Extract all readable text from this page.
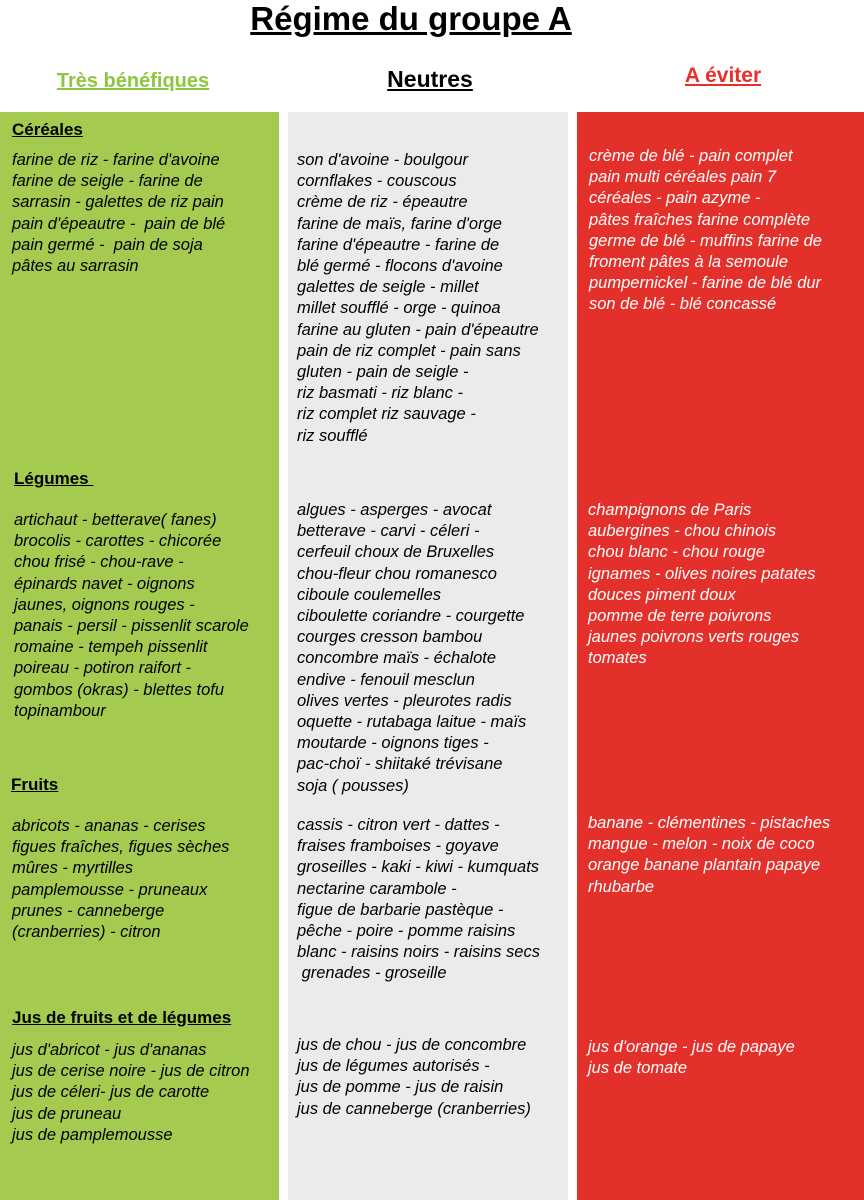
Régime du groupe A
Très bénéfiques	Neutres	A éviter
Céréales

farine de riz - farine d'avoine
farine de seigle - farine de
sarrasin - galettes de riz pain
pain d'épeautre -  pain de blé
pain germé -  pain de soja
pâtes au sarrasin

son d'avoine - boulgour
cornflakes - couscous
crème de riz - épeautre
farine de maïs, farine d'orge
farine d'épeautre - farine de
blé germé - flocons d'avoine
galettes de seigle - millet
millet soufflé - orge - quinoa
farine au gluten - pain d'épeautre
pain de riz complet - pain sans
gluten - pain de seigle -
riz basmati - riz blanc -
riz complet riz sauvage -
riz soufflé

crème de blé - pain complet
pain multi céréales pain 7
céréales - pain azyme -
pâtes fraîches farine complète
germe de blé - muffins farine de
froment pâtes à la semoule
pumpernickel - farine de blé dur
son de blé - blé concassé

Légumes

artichaut - betterave( fanes)
brocolis - carottes - chicorée
chou frisé - chou-rave -
épinards navet - oignons
jaunes, oignons rouges -
panais - persil - pissenlit scarole
romaine - tempeh pissenlit
poireau - potiron raifort -
gombos (okras) - blettes tofu
topinambour

algues - asperges - avocat
betterave - carvi - céleri -
cerfeuil choux de Bruxelles
chou-fleur chou romanesco
ciboule coulemelles
ciboulette coriandre - courgette
courges cresson bambou
concombre maïs - échalote
endive - fenouil mesclun
olives vertes - pleurotes radis
oquette - rutabaga laitue - maïs
moutarde - oignons tiges -
pac-choï - shiitaké trévisane
soja ( pousses)

champignons de Paris
aubergines - chou chinois
chou blanc - chou rouge
ignames - olives noires patates
douces piment doux
pomme de terre poivrons
jaunes poivrons verts rouges
tomates

Fruits

abricots - ananas - cerises
figues fraîches, figues sèches
mûres - myrtilles
pamplemousse - pruneaux
prunes - canneberge
(cranberries) - citron

cassis - citron vert - dattes -
fraises framboises - goyave
groseilles - kaki - kiwi - kumquats
nectarine carambole -
figue de barbarie pastèque -
pêche - poire - pomme raisins
blanc - raisins noirs - raisins secs
grenades - groseille

banane - clémentines - pistaches
mangue - melon - noix de coco
orange banane plantain papaye
rhubarbe

Jus de fruits et de légumes

jus d'abricot - jus d'ananas
jus de cerise noire - jus de citron
jus de céleri- jus de carotte
jus de pruneau
jus de pamplemousse

jus de chou - jus de concombre
jus de légumes autorisés -
jus de pomme - jus de raisin
jus de canneberge (cranberries)

jus d'orange - jus de papaye
jus de tomate
